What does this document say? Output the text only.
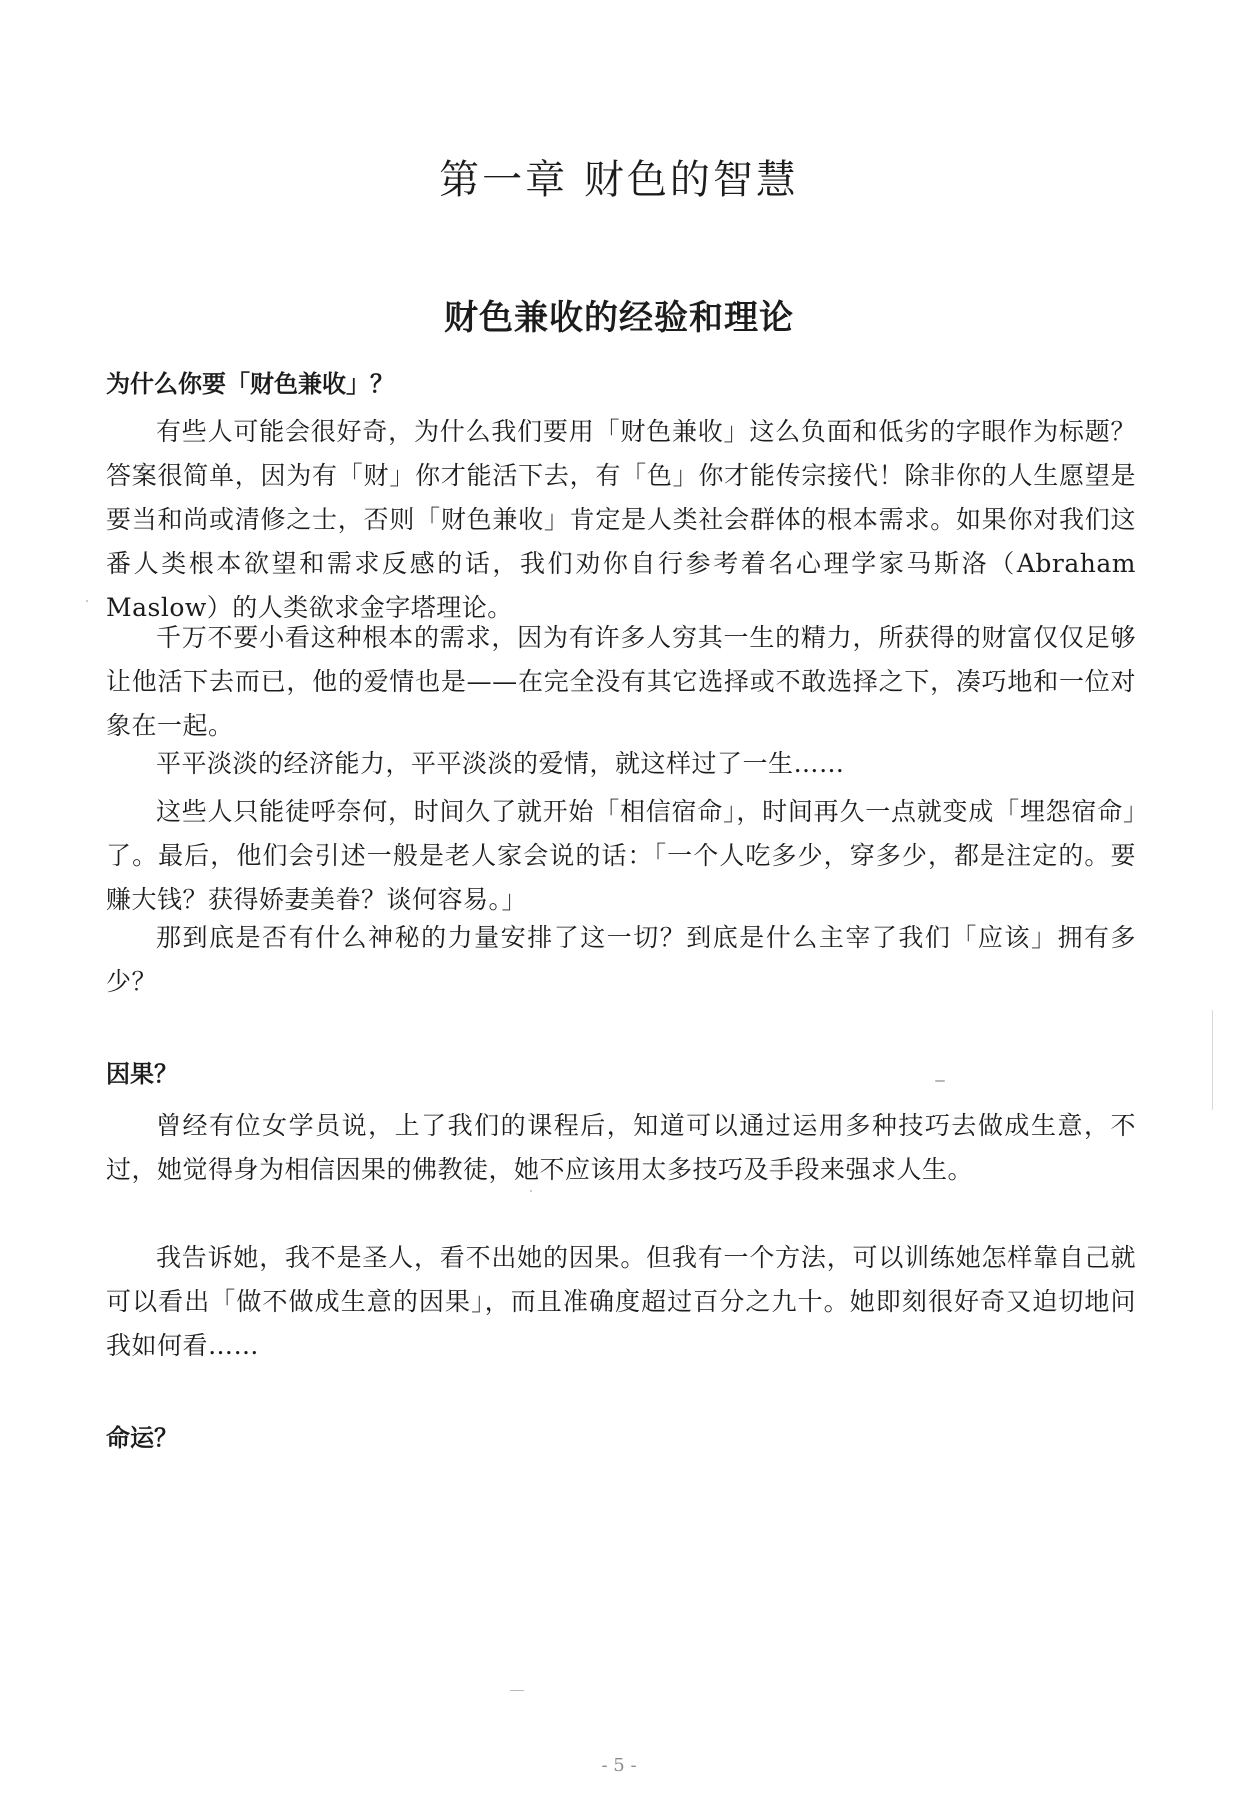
第一章 财色的智慧
财色兼收的经验和理论
为什么你要「财色兼收」？

有些人可能会很好奇，为什么我们要用「财色兼收」这么负面和低劣的字眼作为标题？答案很简单，因为有「财」你才能活下去，有「色」你才能传宗接代！除非你的人生愿望是要当和尚或清修之士，否则「财色兼收」肯定是人类社会群体的根本需求。如果你对我们这番人类根本欲望和需求反感的话，我们劝你自行参考着名心理学家马斯洛（Abraham Maslow）的人类欲求金字塔理论。

千万不要小看这种根本的需求，因为有许多人穷其一生的精力，所获得的财富仅仅足够让他活下去而已，他的爱情也是——在完全没有其它选择或不敢选择之下，凑巧地和一位对象在一起。

平平淡淡的经济能力，平平淡淡的爱情，就这样过了一生……

这些人只能徒呼奈何，时间久了就开始「相信宿命」，时间再久一点就变成「埋怨宿命」了。最后，他们会引述一般是老人家会说的话：「一个人吃多少，穿多少，都是注定的。要赚大钱？获得娇妻美眷？谈何容易。」

那到底是否有什么神秘的力量安排了这一切？到底是什么主宰了我们「应该」拥有多少？

因果？

曾经有位女学员说，上了我们的课程后，知道可以通过运用多种技巧去做成生意，不过，她觉得身为相信因果的佛教徒，她不应该用太多技巧及手段来强求人生。

我告诉她，我不是圣人，看不出她的因果。但我有一个方法，可以训练她怎样靠自己就可以看出「做不做成生意的因果」，而且准确度超过百分之九十。她即刻很好奇又迫切地问我如何看……

命运？
- 5 -
